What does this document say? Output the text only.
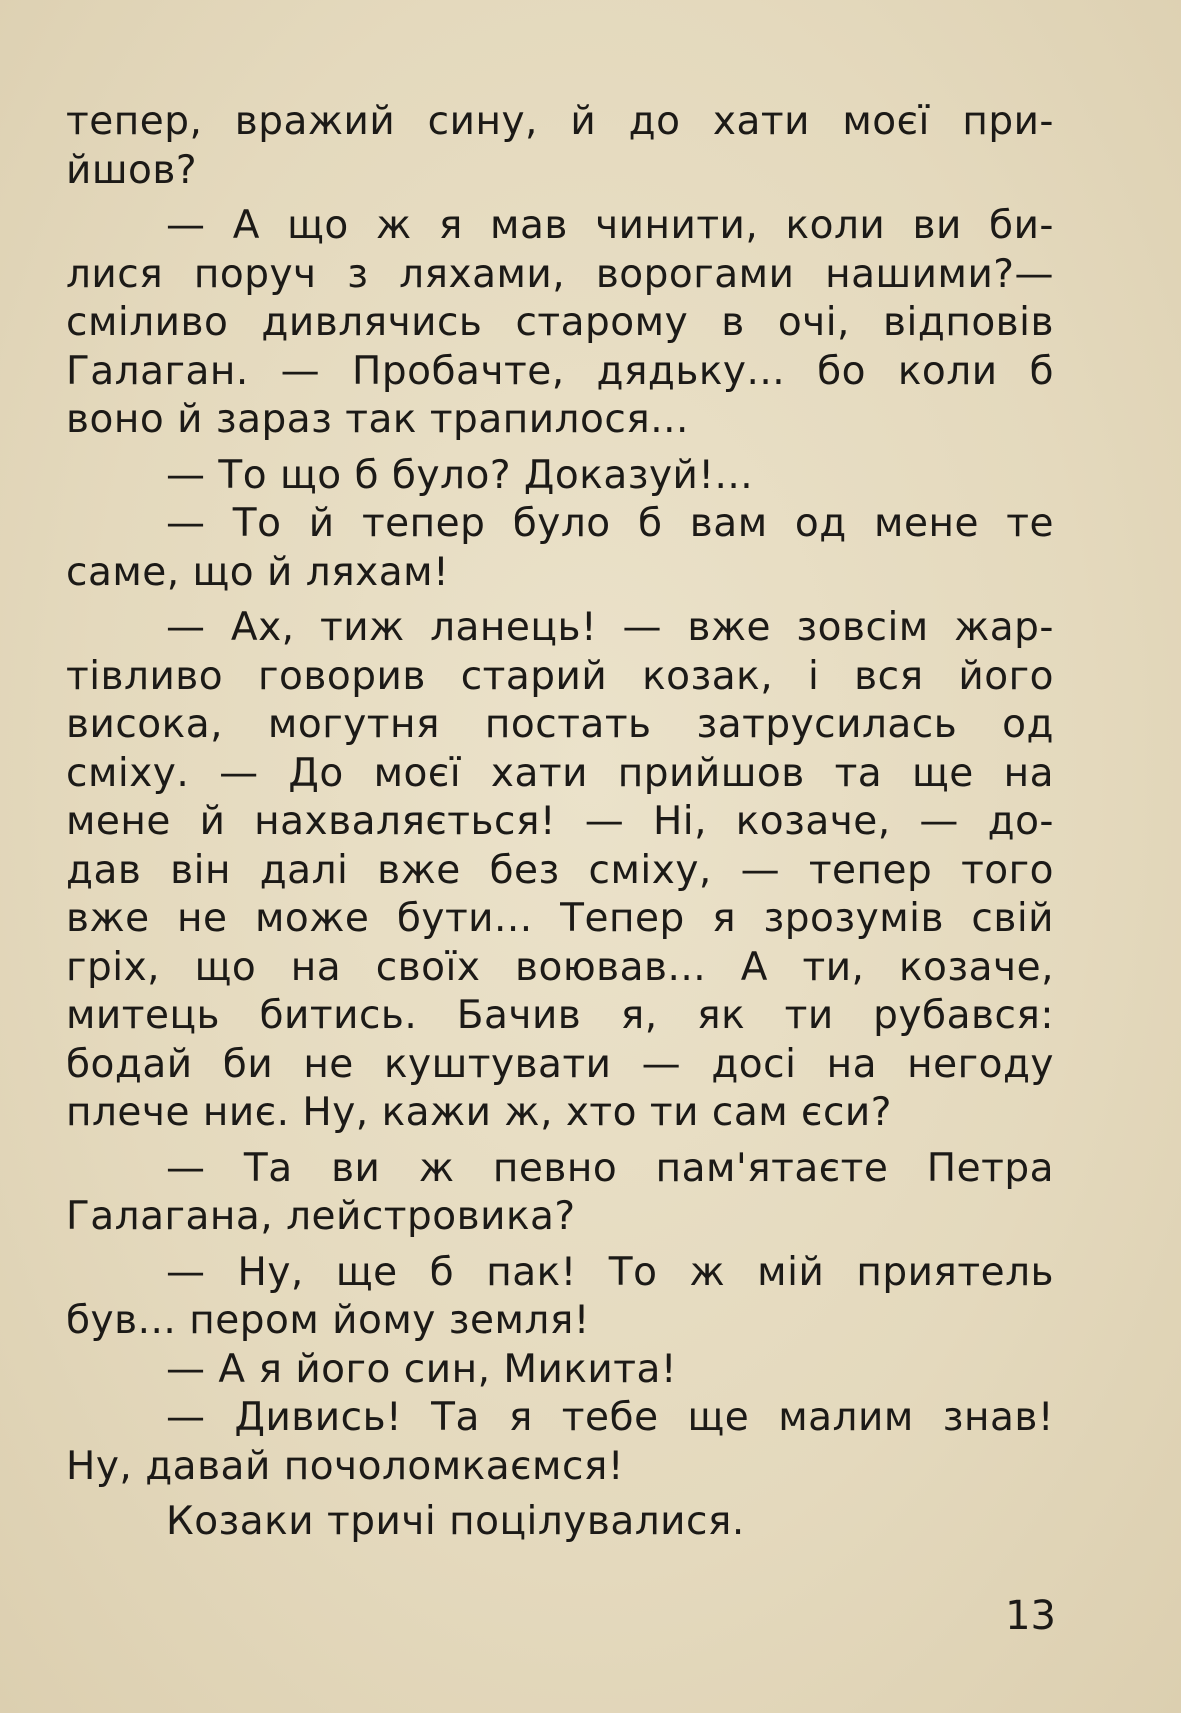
тепер, вражий сину, й до хати моєї при-
йшов?
— А що ж я мав чинити, коли ви би-
лися поруч з ляхами, ворогами нашими?—
сміливо дивлячись старому в очі, відповів
Галаган. — Пробачте, дядьку... бо коли б
воно й зараз так трапилося...
— То що б було? Доказуй!...
— То й тепер було б вам од мене те
саме, що й ляхам!
— Ах, тиж ланець! — вже зовсім жар-
тівливо говорив старий козак, і вся його
висока, могутня постать затрусилась од
сміху. — До моєї хати прийшов та ще на
мене й нахваляється! — Ні, козаче, — до-
дав він далі вже без сміху, — тепер того
вже не може бути... Тепер я зрозумів свій
гріх, що на своїх воював... А ти, козаче,
митець битись. Бачив я, як ти рубався:
бодай би не куштувати — досі на негоду
плече ниє. Ну, кажи ж, хто ти сам єси?
— Та ви ж певно пам'ятаєте Петра
Галагана, лейстровика?
— Ну, ще б пак! То ж мій приятель
був... пером йому земля!
— А я його син, Микита!
— Дивись! Та я тебе ще малим знав!
Ну, давай почоломкаємся!
Козаки тричі поцілувалися.
13
